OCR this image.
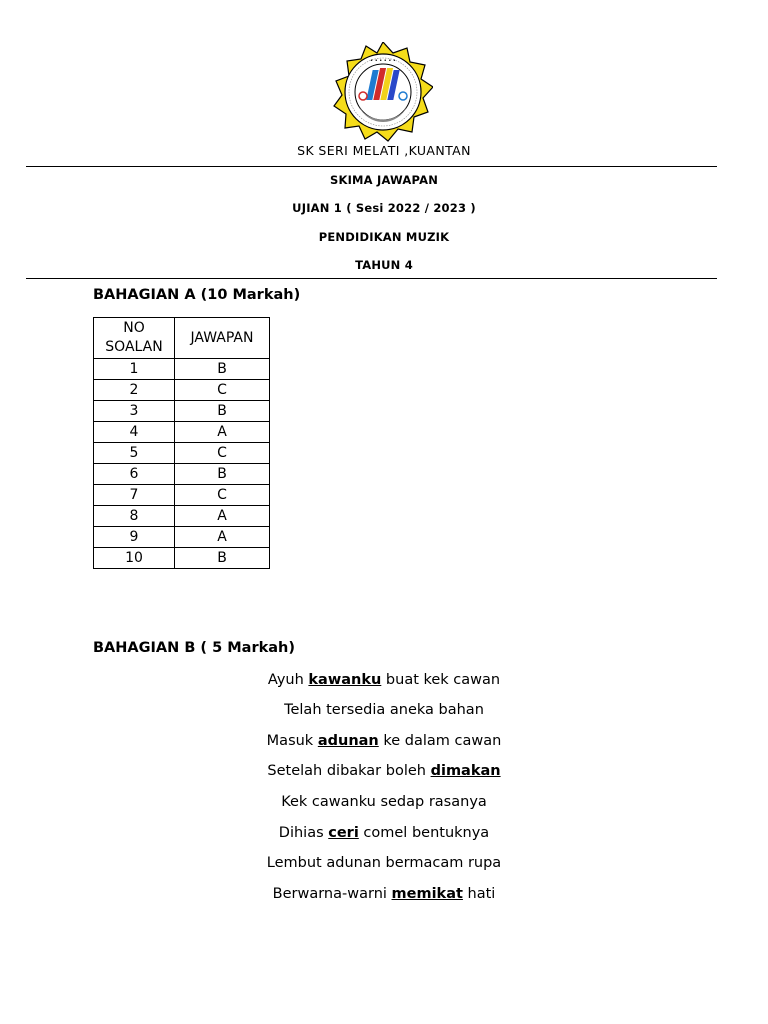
• • • • • •
SK SERI MELATI ,KUANTAN
SKIMA JAWAPAN
UJIAN 1 ( Sesi 2022 / 2023 )
PENDIDIKAN MUZIK
TAHUN 4
BAHAGIAN A (10 Markah)
NO
SOALAN	JAWAPAN
1	B
2	C
3	B
4	A
5	C
6	B
7	C
8	A
9	A
10	B
BAHAGIAN B ( 5 Markah)
Ayuh kawanku buat kek cawan
Telah tersedia aneka bahan
Masuk adunan ke dalam cawan
Setelah dibakar boleh dimakan
Kek cawanku sedap rasanya
Dihias ceri comel bentuknya
Lembut adunan bermacam rupa
Berwarna-warni memikat hati
